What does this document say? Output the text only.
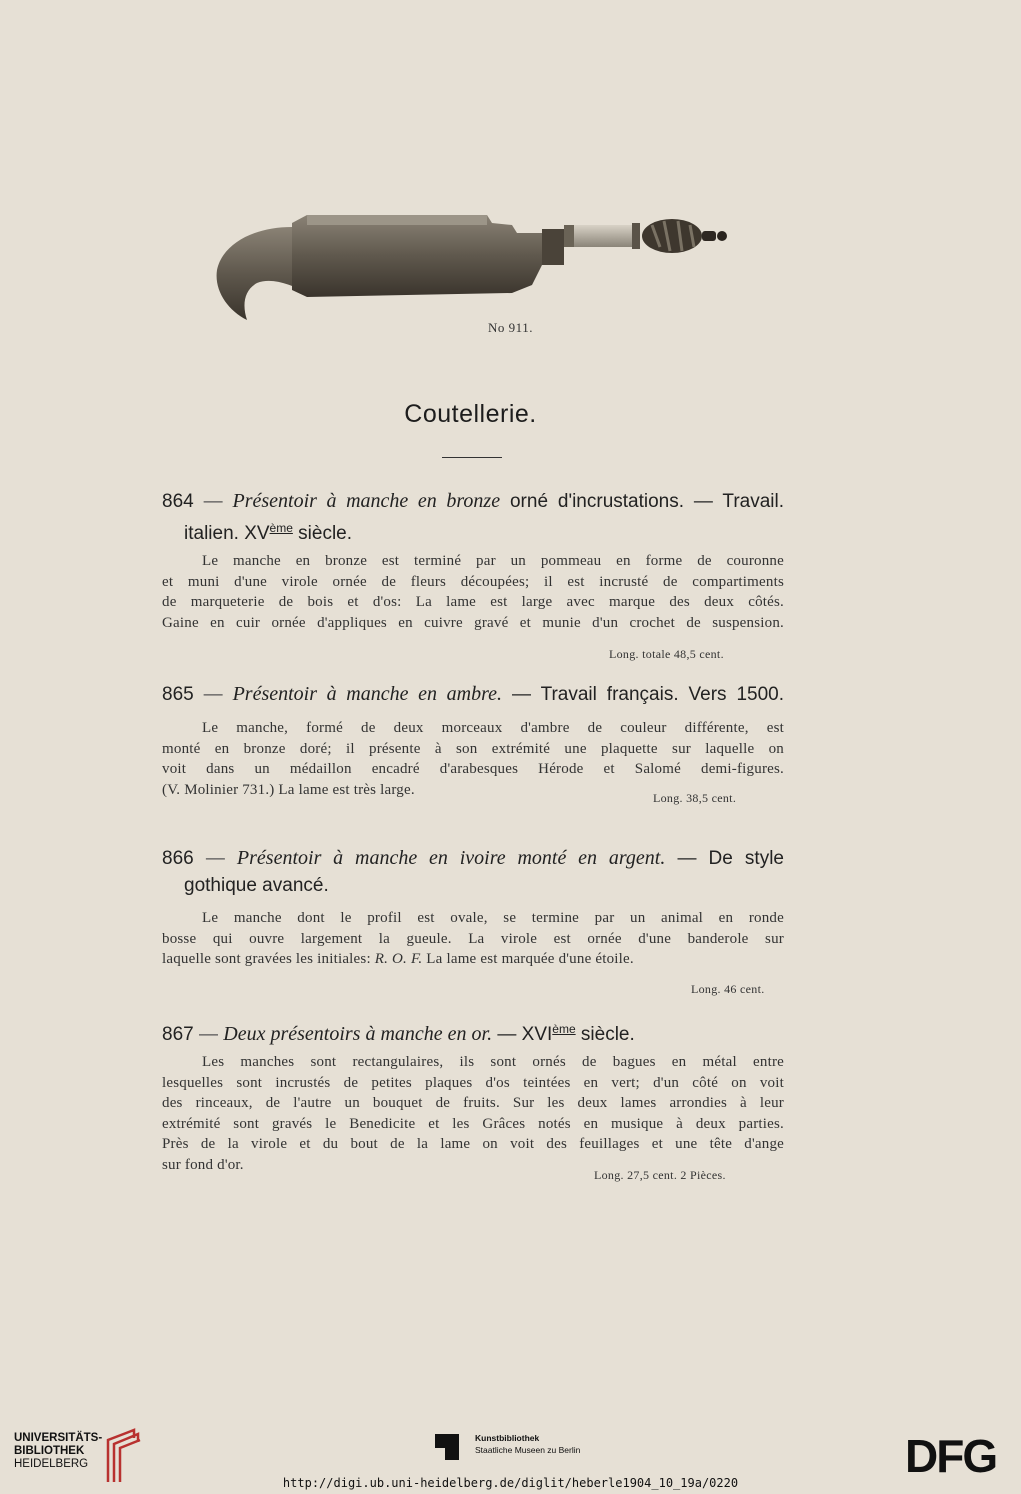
No 911.
Coutellerie.
864 — Présentoir à manche en bronze orné d'incrustations. — Travail.
italien. XVème siècle.
Le manche en bronze est terminé par un pommeau en forme de couronne
et muni d'une virole ornée de fleurs découpées; il est incrusté de compartiments
de marqueterie de bois et d'os: La lame est large avec marque des deux côtés.
Gaine en cuir ornée d'appliques en cuivre gravé et munie d'un crochet de suspension.
Long. totale 48,5 cent.
865 — Présentoir à manche en ambre. — Travail français. Vers 1500.
Le manche, formé de deux morceaux d'ambre de couleur différente, est
monté en bronze doré; il présente à son extrémité une plaquette sur laquelle on
voit dans un médaillon encadré d'arabesques Hérode et Salomé demi-figures.
(V. Molinier 731.) La lame est très large.
Long. 38,5 cent.
866 — Présentoir à manche en ivoire monté en argent. — De style
gothique avancé.
Le manche dont le profil est ovale, se termine par un animal en ronde
bosse qui ouvre largement la gueule. La virole est ornée d'une banderole sur
laquelle sont gravées les initiales: R. O. F. La lame est marquée d'une étoile.
Long. 46 cent.
867 — Deux présentoirs à manche en or. — XVIème siècle.
Les manches sont rectangulaires, ils sont ornés de bagues en métal entre
lesquelles sont incrustés de petites plaques d'os teintées en vert; d'un côté on voit
des rinceaux, de l'autre un bouquet de fruits. Sur les deux lames arrondies à leur
extrémité sont gravés le Benedicite et les Grâces notés en musique à deux parties.
Près de la virole et du bout de la lame on voit des feuillages et une tête d'ange
sur fond d'or.
Long. 27,5 cent. 2 Pièces.
UNIVERSITÄTS-
BIBLIOTHEK
HEIDELBERG
Kunstbibliothek
Staatliche Museen zu Berlin	DFG
http://digi.ub.uni-heidelberg.de/diglit/heberle1904_10_19a/0220
